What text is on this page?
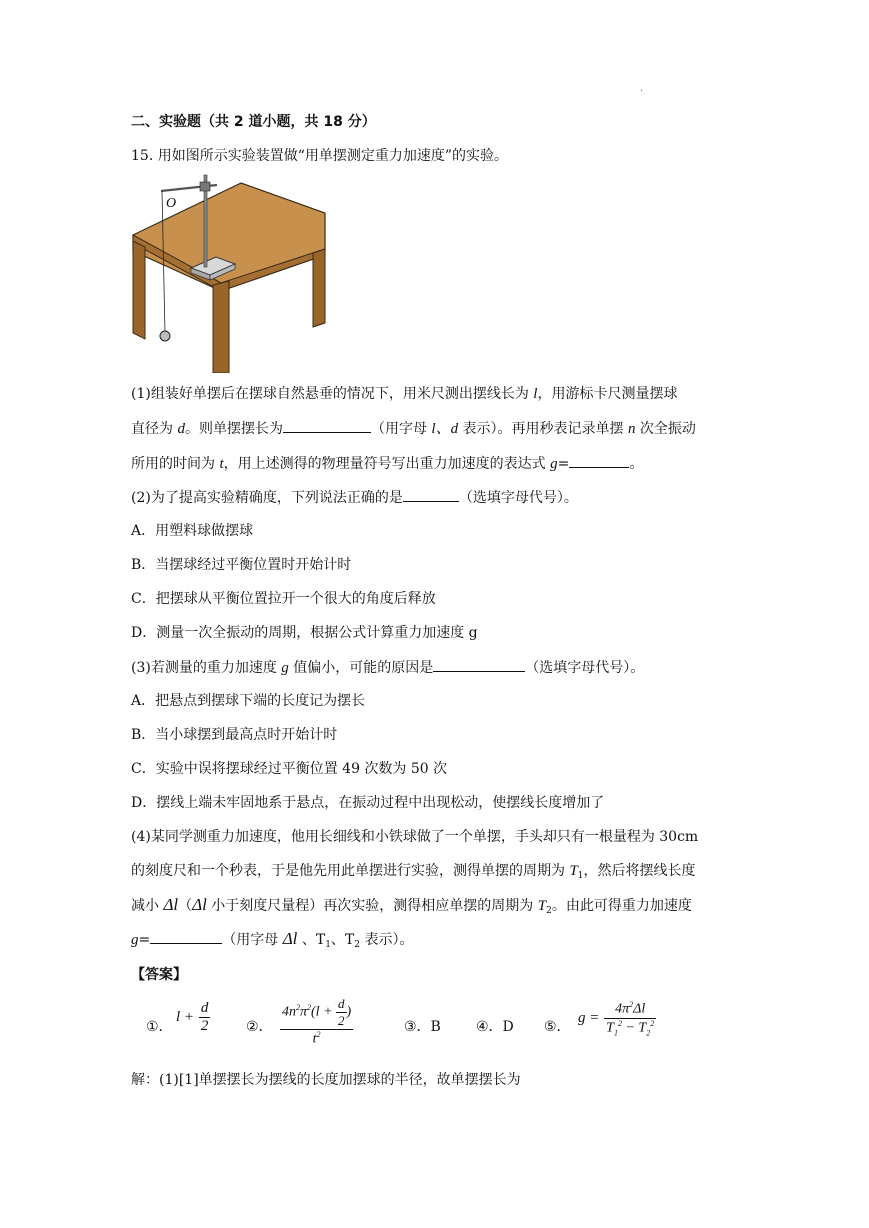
·
二、实验题（共 2 道小题，共 18 分）
15. 用如图所示实验装置做“用单摆测定重力加速度”的实验。
O
(1)组装好单摆后在摆球自然悬垂的情况下，用米尺测出摆线长为 l，用游标卡尺测量摆球
直径为 d。则单摆摆长为	（用字母 l、d 表示）。再用秒表记录单摆 n 次全振动
所用的时间为 t，用上述测得的物理量符号写出重力加速度的表达式 g=	。
(2)为了提高实验精确度，下列说法正确的是	（选填字母代号）。
A．用塑料球做摆球
B．当摆球经过平衡位置时开始计时
C．把摆球从平衡位置拉开一个很大的角度后释放
D．测量一次全振动的周期，根据公式计算重力加速度 g
(3)若测量的重力加速度 g 值偏小，可能的原因是	（选填字母代号）。
A．把悬点到摆球下端的长度记为摆长
B．当小球摆到最高点时开始计时
C．实验中误将摆球经过平衡位置 49 次数为 50 次
D．摆线上端未牢固地系于悬点，在振动过程中出现松动，使摆线长度增加了
(4)某同学测重力加速度，他用长细线和小铁球做了一个单摆，手头却只有一根量程为 30cm
的刻度尺和一个秒表，于是他先用此单摆进行实验，测得单摆的周期为 $T_1$，然后将摆线长度
减小 Δl（Δl 小于刻度尺量程）再次实验，测得相应单摆的周期为 $T_2$。由此可得重力加速度
g=	（用字母 Δl 、$T_1$、$T_2$ 表示）。
【答案】
①．
$l + \frac{d}{2}$	②． $\frac{4n^2\pi^2(l + \frac{d}{2} )}{t^2}$	③．B	④．D ⑤．
$g = \frac{4\pi^2\Delta l}{T_1^2 - T_2^2}$
解：(1)[1]单摆摆长为摆线的长度加摆球的半径，故单摆摆长为
